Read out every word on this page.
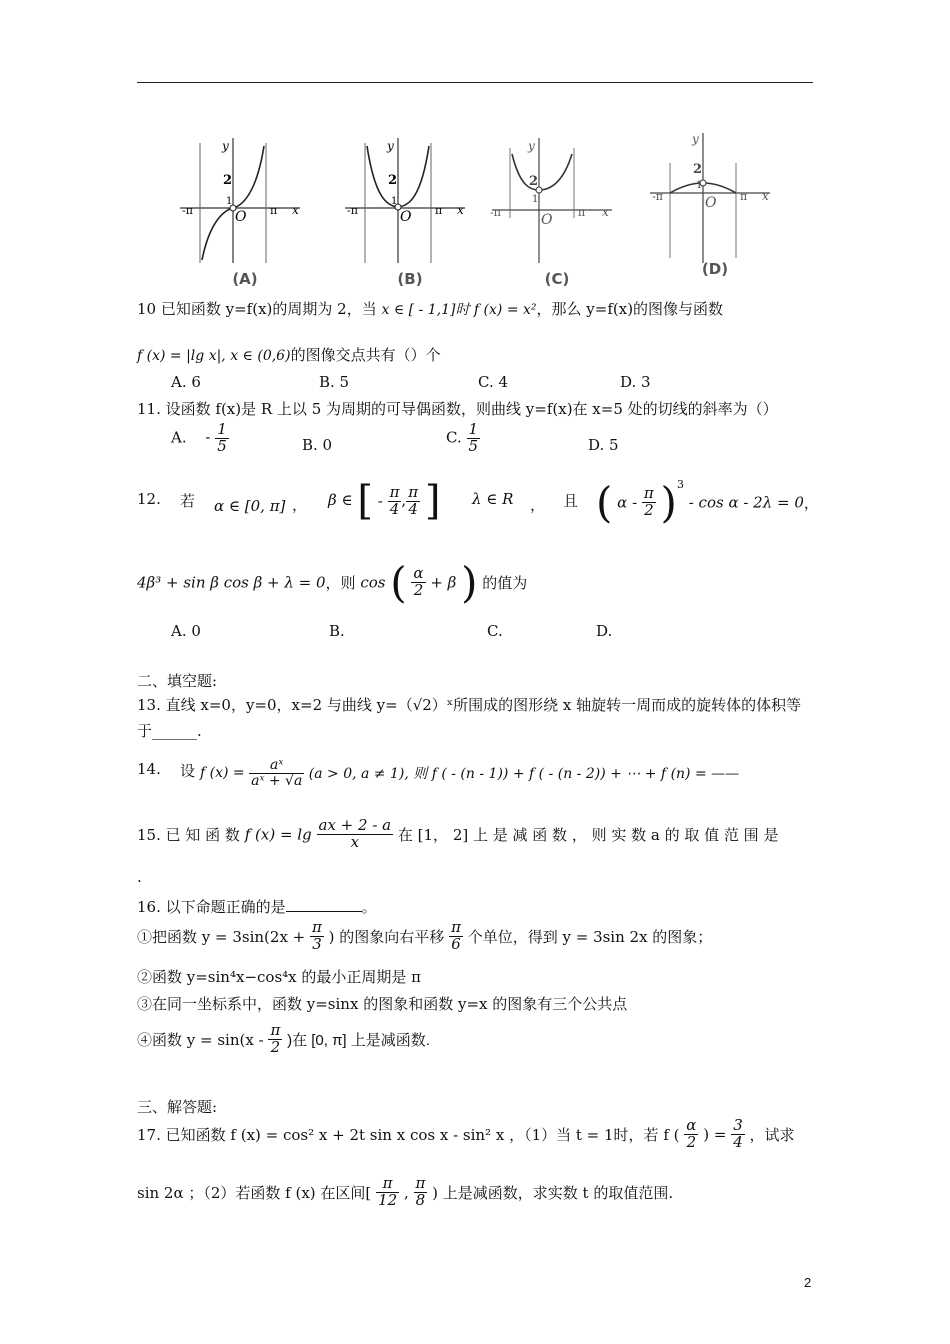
y
2
1
-π	O π x
(A)
y
2
1
-π	O π x
(B)
y
2
1
-π	O π x
(C)
y
2
1
-π	O π x
(D)
10 已知函数 y=f(x)的周期为 2，当 x ∈ [ - 1,1]时 f (x) = x²，那么 y=f(x)的图像与函数
f (x) = |lg x|, x ∈ (0,6)的图像交点共有（）个
A. 6	B. 5	C. 4	D. 3
11. 设函数 f(x)是 R 上以 5 为周期的可导偶函数，则曲线 y=f(x)在 x=5 处的切线的斜率为（）
A. - $\frac{1}{5}$	B. 0	C. $\frac{1}{5}$	D. 5
12. 若 α ∈ [0, π] ， β ∈ [ - $\frac{\pi}{4}$ , $\frac{\pi}{4}$ ] λ ∈ R ， 且 ( $\alpha - \frac{\pi}{2} )^3 - \cos \alpha - 2\lambda = 0$，
4β³ + sin β cos β + λ = 0，则 cos ( $\frac{\alpha}{2} + \beta$ ) 的值为
A. 0	B.	C.	D.
二、填空题:
13. 直线 x=0，y=0，x=2 与曲线 y=（√2）ˣ所围成的图形绕 x 轴旋转一周而成的旋转体的体积等
于______.
14. 设 f $(x) = \frac{\text{aˣ}}{\text{aˣ + √a}} (a > 0$, a ≠ 1), 则 f ( - (n - 1)) + f ( - (n - 2)) + ⋯ + f (n) = ——
15. 已 知 函 数 f $(x) = \lg \frac{ax + 2 - a}{x}$ 在 [1， 2] 上 是 减 函 数 ， 则 实 数 a 的 取 值 范 围 是
.
16. 以下命题正确的是	。
①把函数 $y = 3\sin(2x + \frac{\pi}{3}$ ) 的图象向右平移 $\frac{\pi}{6}$ 个单位，得到 y = 3sin 2x 的图象；
②函数 y=sin⁴x−cos⁴x 的最小正周期是 π
③在同一坐标系中，函数 y=sinx 的图象和函数 y=x 的图象有三个公共点
④函数 $y = \sin(x - \frac{\pi}{2}$ )在 [0, π] 上是减函数.
三、解答题:
17. 已知函数 f (x) = cos² x + 2t sin x cos x - sin² x ，（1）当 t = 1时，若 f ( $\frac{\alpha}{2}$ ) = $\frac{3}{4}$ ，试求
sin 2α ；（2）若函数 f (x) 在区间[ $\frac{\pi}{12}$ , $\frac{\pi}{8}$ ) 上是减函数，求实数 t 的取值范围.
2
